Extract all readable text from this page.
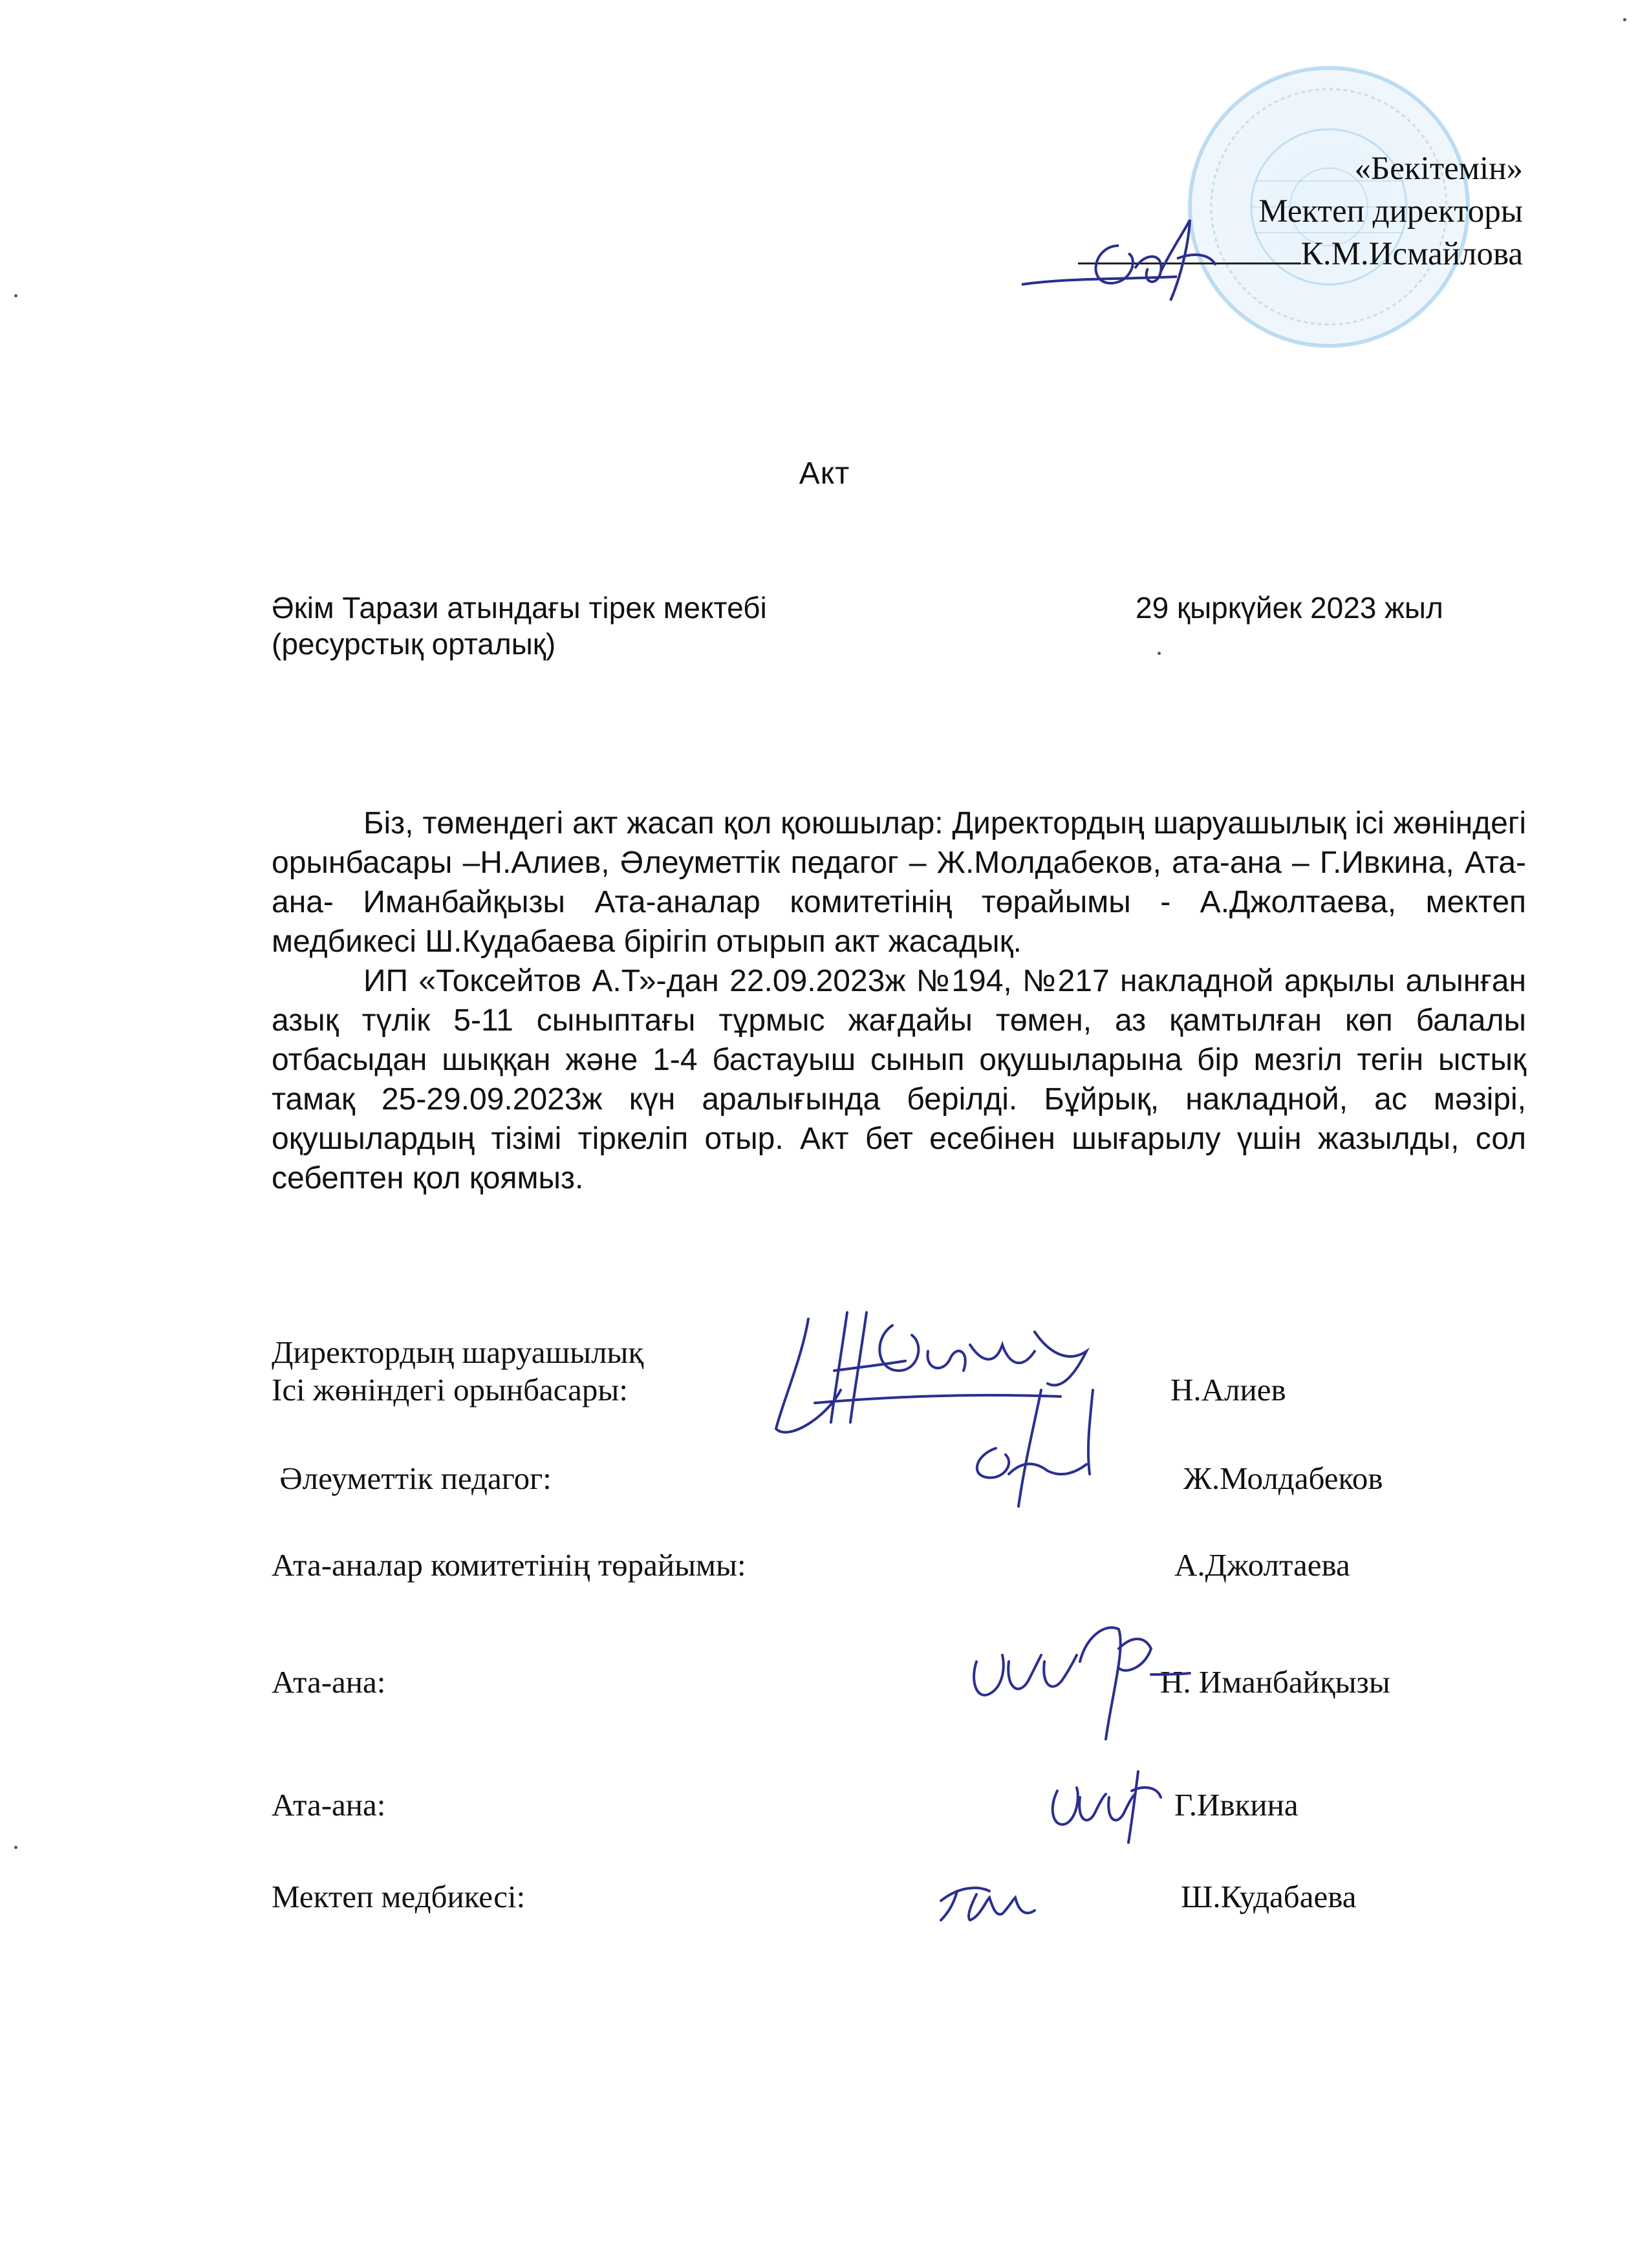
«Бекітемін»
Мектеп директоры
К.М.Исмайлова
Акт
Әкім Тарази атындағы тірек мектебі
(ресурстық орталық)
29 қыркүйек 2023 жыл

Біз, төмендегі акт жасап қол қоюшылар: Директордың шаруашылық ісі жөніндегі орынбасары –Н.Алиев, Әлеуметтік педагог – Ж.Молдабеков, ата-ана – Г.Ивкина, Ата-ана- Иманбайқызы Ата-аналар комитетінің төрайымы - А.Джолтаева, мектеп медбикесі Ш.Кудабаева бірігіп отырып акт жасадық.

ИП «Токсейтов А.Т»-дан 22.09.2023ж №194, №217 накладной арқылы алынған азық түлік 5-11 сыныптағы тұрмыс жағдайы төмен, аз қамтылған көп балалы отбасыдан шыққан және 1-4 бастауыш сынып оқушыларына бір мезгіл тегін ыстық тамақ 25-29.09.2023ж күн аралығында берілді. Бұйрық, накладной, ас мәзірі, оқушылардың тізімі тіркеліп отыр. Акт бет есебінен шығарылу үшін жазылды, сол себептен қол қоямыз.

Директордың шаруашылық
Ісі жөніндегі орынбасары:	Н.Алиев
Әлеуметтік педагог:	Ж.Молдабеков
Ата-аналар комитетінің төрайымы:	А.Джолтаева
Ата-ана:	Н. Иманбайқызы
Ата-ана:	Г.Ивкина
Мектеп медбикесі:	Ш.Кудабаева
